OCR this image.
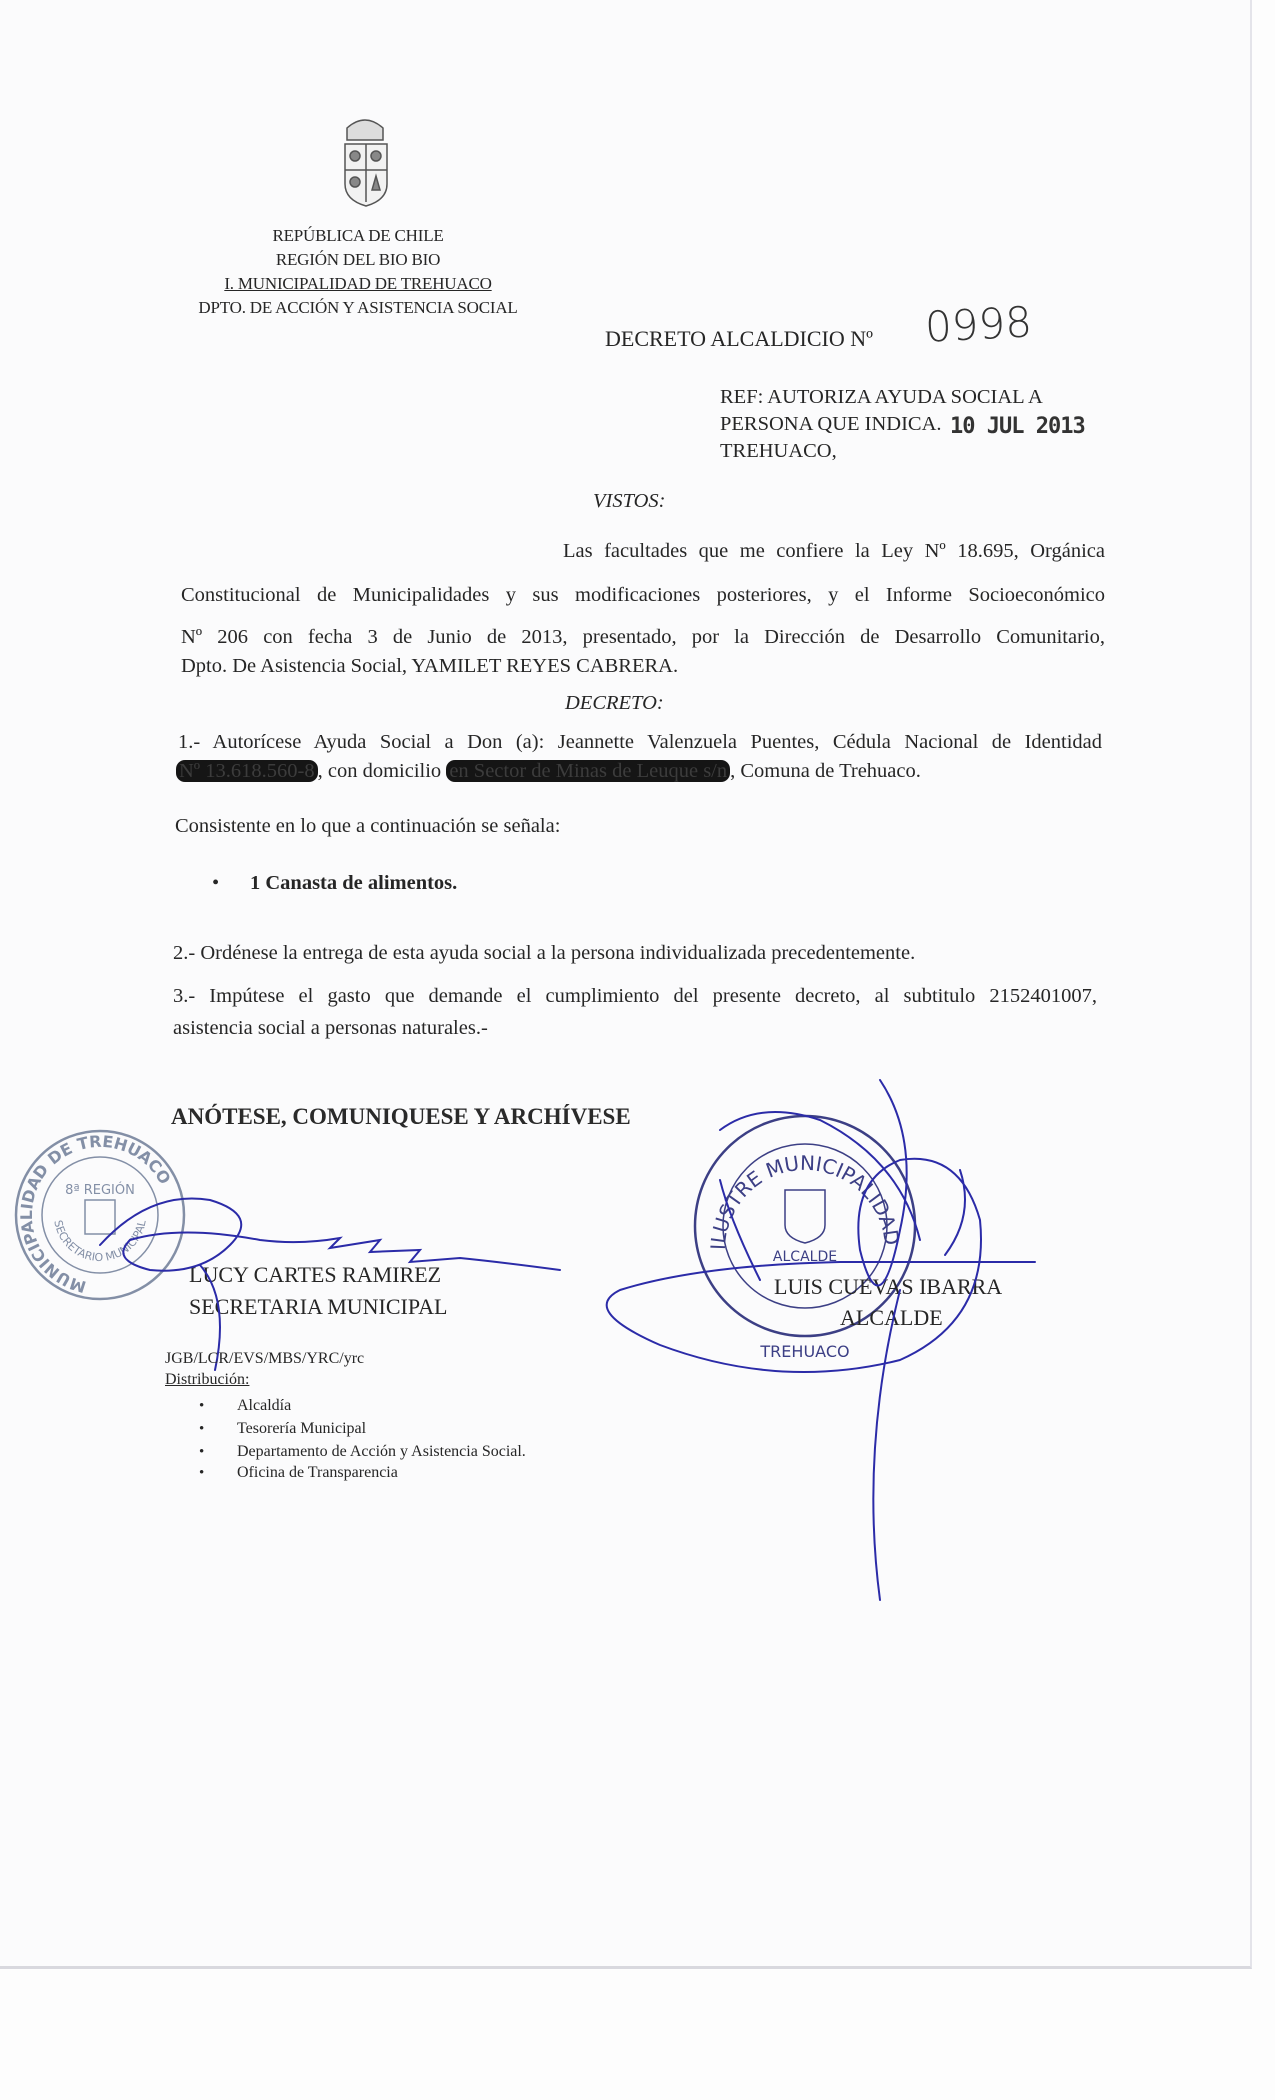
REPÚBLICA DE CHILE
REGIÓN DEL BIO BIO
I. MUNICIPALIDAD DE TREHUACO
DPTO. DE ACCIÓN Y ASISTENCIA SOCIAL
DECRETO ALCALDICIO Nº 0998
REF: AUTORIZA AYUDA SOCIAL A
PERSONA QUE INDICA. 10 JUL 2013
TREHUACO,
VISTOS:
Las facultades que me confiere la Ley Nº 18.695, Orgánica
Constitucional de Municipalidades y sus modificaciones posteriores, y el Informe Socioeconómico
Nº 206 con fecha 3 de Junio de 2013, presentado, por la Dirección de Desarrollo Comunitario,
Dpto. De Asistencia Social, YAMILET REYES CABRERA.
DECRETO:
1.- Autorícese Ayuda Social a Don (a): Jeannette Valenzuela Puentes, Cédula Nacional de Identidad
Nº 13.618.560-8 , con domicilio en Sector de Minas de Leuque s/n , Comuna de Trehuaco.
Consistente en lo que a continuación se señala:
• 1 Canasta de alimentos.
2.- Ordénese la entrega de esta ayuda social a la persona individualizada precedentemente.
3.- Impútese el gasto que demande el cumplimiento del presente decreto, al subtitulo 2152401007,
asistencia social a personas naturales.-
ANÓTESE, COMUNIQUESE Y ARCHÍVESE
MUNICIPALIDAD DE TREHUACO
SECRETARIO MUNICIPAL
8ª REGIÓN
ILUSTRE MUNICIPALIDAD
ALCALDE
TREHUACO
LUCY CARTES RAMIREZ
SECRETARIA MUNICIPAL
LUIS CUEVAS IBARRA
ALCALDE
JGB/LCR/EVS/MBS/YRC/yrc
Distribución:
• Alcaldía
• Tesorería Municipal
• Departamento de Acción y Asistencia Social.
• Oficina de Transparencia
